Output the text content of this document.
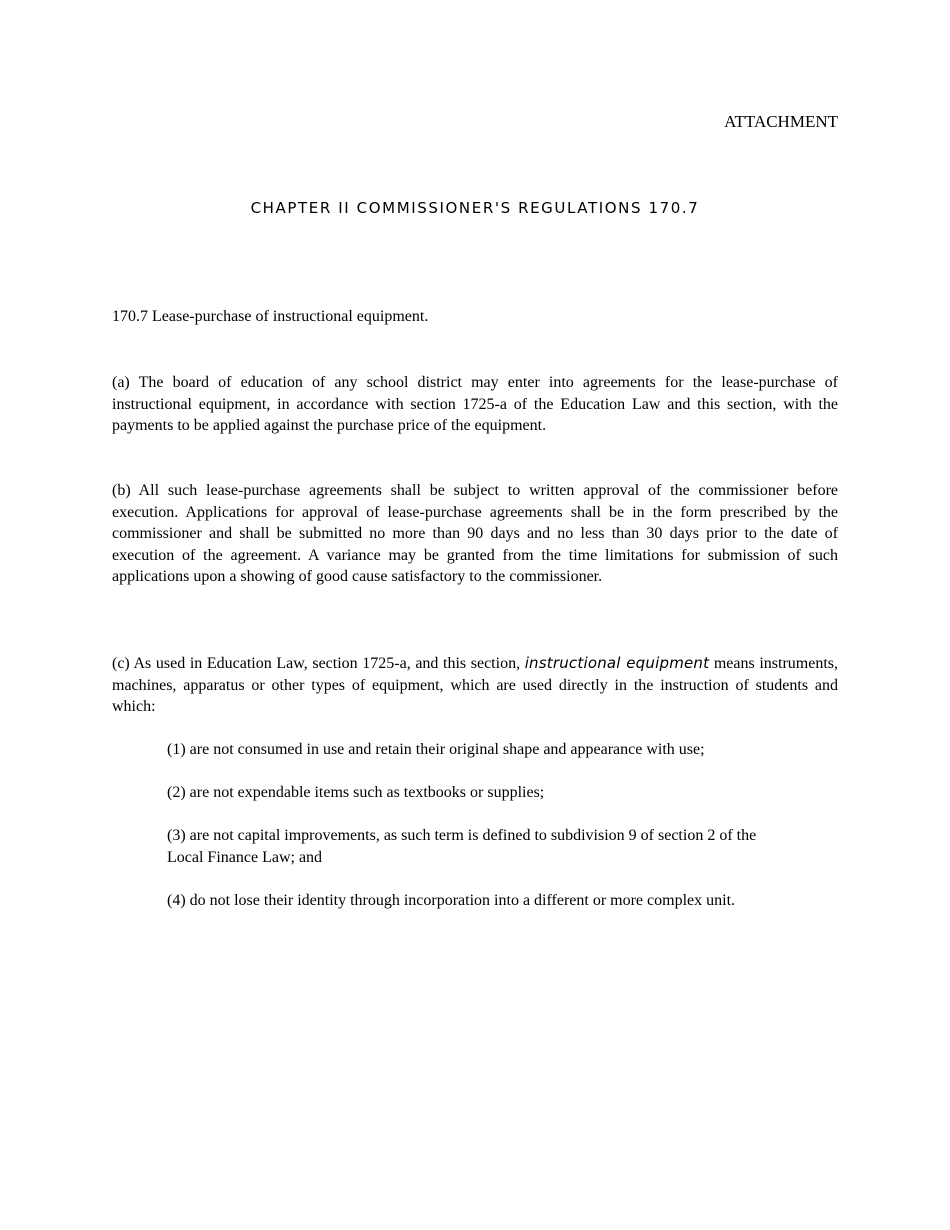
ATTACHMENT
CHAPTER II COMMISSIONER'S REGULATIONS 170.7
170.7 Lease-purchase of instructional equipment.
(a) The board of education of any school district may enter into agreements for the lease-purchase of instructional equipment, in accordance with section 1725-a of the Education Law and this section, with the payments to be applied against the purchase price of the equipment.
(b) All such lease-purchase agreements shall be subject to written approval of the commissioner before execution. Applications for approval of lease-purchase agreements shall be in the form prescribed by the commissioner and shall be submitted no more than 90 days and no less than 30 days prior to the date of execution of the agreement. A variance may be granted from the time limitations for submission of such applications upon a showing of good cause satisfactory to the commissioner.
(c) As used in Education Law, section 1725-a, and this section, instructional equipment means instruments, machines, apparatus or other types of equipment, which are used directly in the instruction of students and which:
(1) are not consumed in use and retain their original shape and appearance with use;
(2) are not expendable items such as textbooks or supplies;
(3) are not capital improvements, as such term is defined to subdivision 9 of section 2 of the Local Finance Law; and
(4) do not lose their identity through incorporation into a different or more complex unit.
